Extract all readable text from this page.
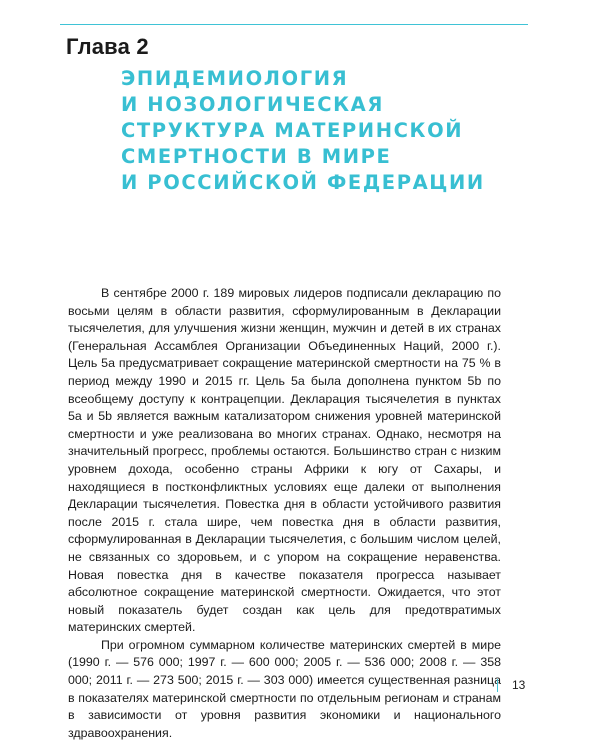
Глава 2
ЭПИДЕМИОЛОГИЯ
И НОЗОЛОГИЧЕСКАЯ
СТРУКТУРА МАТЕРИНСКОЙ
СМЕРТНОСТИ В МИРЕ
И РОССИЙСКОЙ ФЕДЕРАЦИИ

В сентябре 2000 г. 189 мировых лидеров подписали декларацию по восьми целям в области развития, сформулированным в Декларации тысячелетия, для улучшения жизни женщин, мужчин и детей в их странах (Генеральная Ассамблея Организации Объединенных Наций, 2000 г.). Цель 5a предусматривает сокращение материнской смертности на 75 % в период между 1990 и 2015 гг. Цель 5a была дополнена пунктом 5b по всеобщему доступу к контрацепции. Декларация тысячелетия в пунктах 5a и 5b является важным катализатором снижения уровней материнской смертности и уже реализована во многих странах. Однако, несмотря на значительный прогресс, проблемы остаются. Большинство стран с низким уровнем дохода, особенно страны Африки к югу от Сахары, и находящиеся в постконфликтных условиях еще далеки от выполнения Декларации тысячелетия. Повестка дня в области устойчивого развития после 2015 г. стала шире, чем повестка дня в области развития, сформулированная в Декларации тысячелетия, с большим числом целей, не связанных со здоровьем, и с упором на сокращение неравенства. Новая повестка дня в качестве показателя прогресса называет абсолютное сокращение материнской смертности. Ожидается, что этот новый показатель будет создан как цель для предотвратимых материнских смертей.

При огромном суммарном количестве материнских смертей в мире (1990 г. — 576 000; 1997 г. — 600 000; 2005 г. — 536 000; 2008 г. — 358 000; 2011 г. — 273 500; 2015 г. — 303 000) имеется существенная разница в показателях материнской смертности по отдельным регионам и странам в зависимости от уровня развития экономики и национального здравоохранения.

13
